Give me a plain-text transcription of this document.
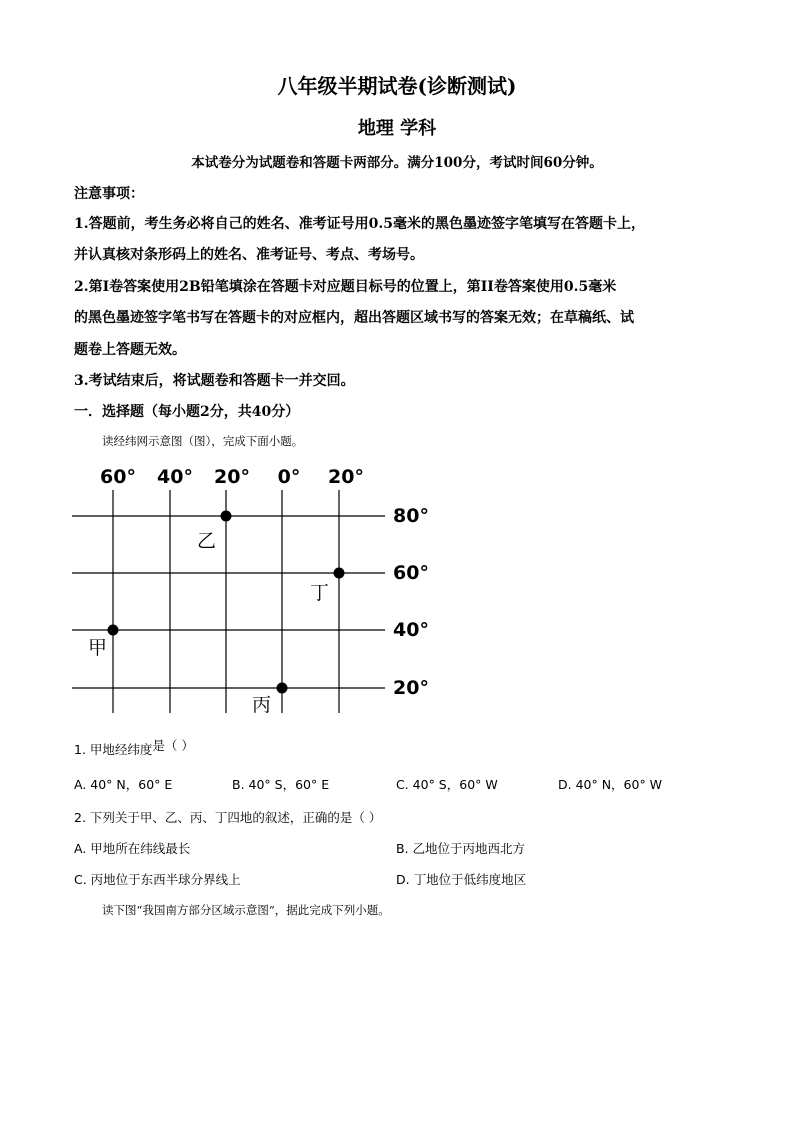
八年级半期试卷(诊断测试)
地理 学科
本试卷分为试题卷和答题卡两部分。满分100分，考试时间60分钟。
注意事项：
1.答题前，考生务必将自己的姓名、准考证号用0.5毫米的黑色墨迹签字笔填写在答题卡上，
并认真核对条形码上的姓名、准考证号、考点、考场号。
2.第Ⅰ卷答案使用2B铅笔填涂在答题卡对应题目标号的位置上，第II卷答案使用0.5毫米
的黑色墨迹签字笔书写在答题卡的对应框内，超出答题区域书写的答案无效；在草稿纸、试
题卷上答题无效。
3.考试结束后，将试题卷和答题卡一并交回。
一．选择题（每小题2分，共40分）
读经纬网示意图（图），完成下面小题。
60° 40° 20° 0° 20°
80°
60°
40°
20°
乙
丁
甲
丙
1. 甲地经纬度是（ ）
A. 40° N，60° E	B. 40° S，60° E	C. 40° S，60° W	D. 40° N，60° W
2. 下列关于甲、乙、丙、丁四地的叙述，正确的是（ ）
A. 甲地所在纬线最长	B. 乙地位于丙地西北方
C. 丙地位于东西半球分界线上	D. 丁地位于低纬度地区
读下图“我国南方部分区域示意图”，据此完成下列小题。
